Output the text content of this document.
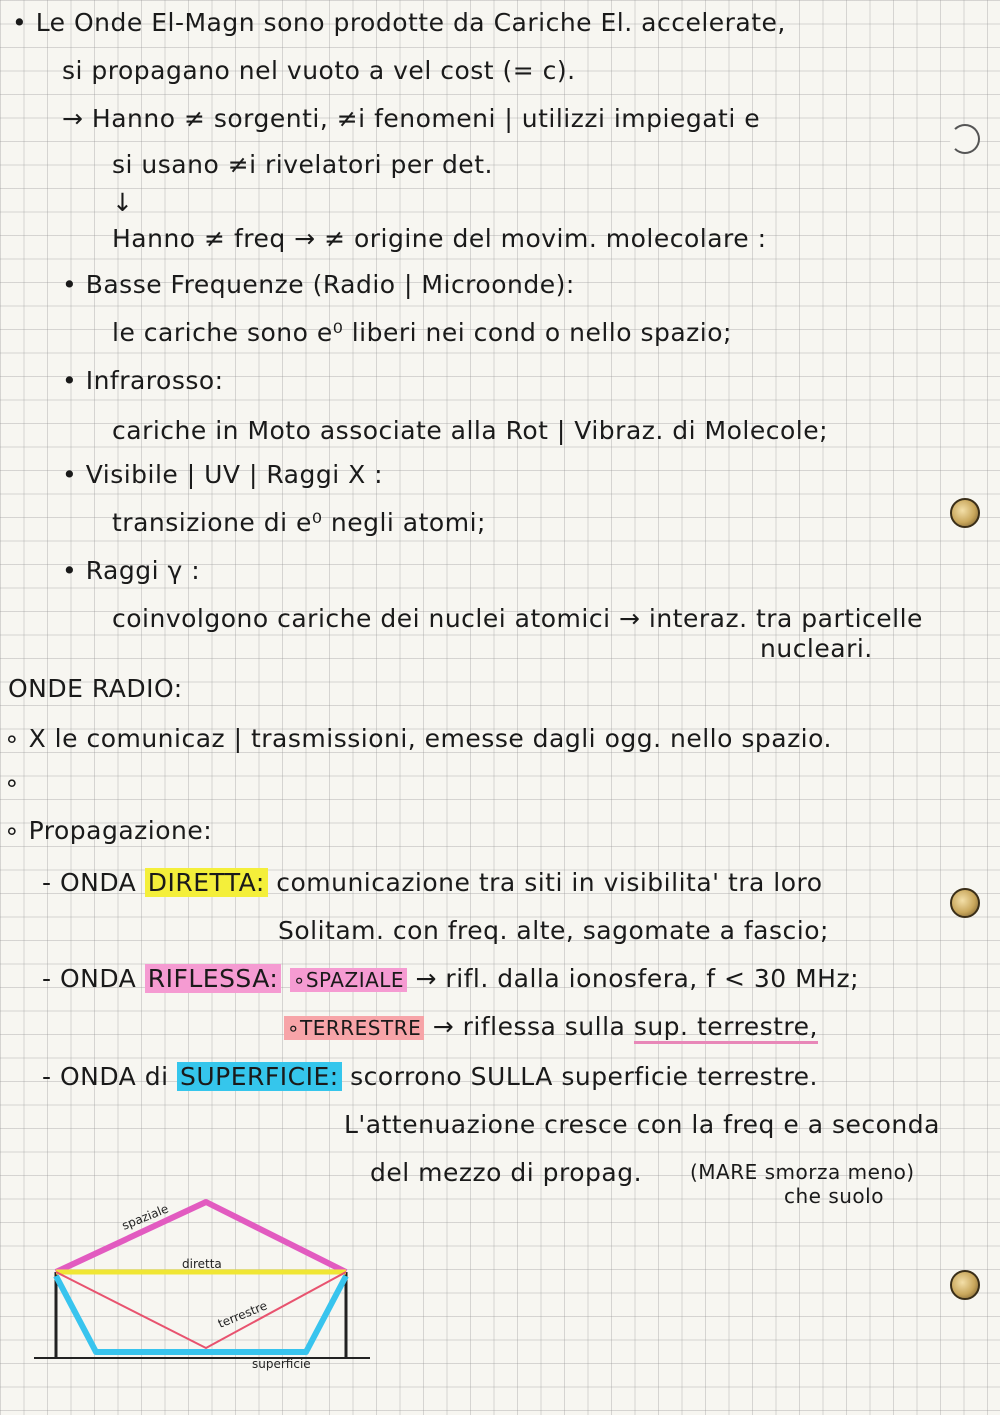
• Le Onde El-Magn sono prodotte da Cariche El. accelerate,
si propagano nel vuoto a vel cost (= c).
→ Hanno ≠ sorgenti, ≠i fenomeni | utilizzi impiegati e
si usano ≠i rivelatori per det.
↓
Hanno ≠ freq → ≠ origine del movim. molecolare :
• Basse Frequenze (Radio | Microonde):
le cariche sono e⁰ liberi nei cond o nello spazio;
• Infrarosso:
cariche in Moto associate alla Rot | Vibraz. di Molecole;
• Visibile | UV | Raggi X :
transizione di e⁰ negli atomi;
• Raggi γ :
coinvolgono cariche dei nuclei atomici → interaz. tra particelle
nucleari.
ONDE RADIO:
∘ X le comunicaz | trasmissioni, emesse dagli ogg. nello spazio.
∘
∘ Propagazione:
- ONDA DIRETTA: comunicazione tra siti in visibilita' tra loro
Solitam. con freq. alte, sagomate a fascio;
- ONDA RIFLESSA: ∘SPAZIALE → rifl. dalla ionosfera, f < 30 MHz;
∘TERRESTRE → riflessa sulla sup. terrestre,
- ONDA di SUPERFICIE: scorrono SULLA superficie terrestre.
L'attenuazione cresce con la freq e a seconda
del mezzo di propag. (MARE smorza meno)
che suolo
spaziale
diretta
terrestre
superficie
